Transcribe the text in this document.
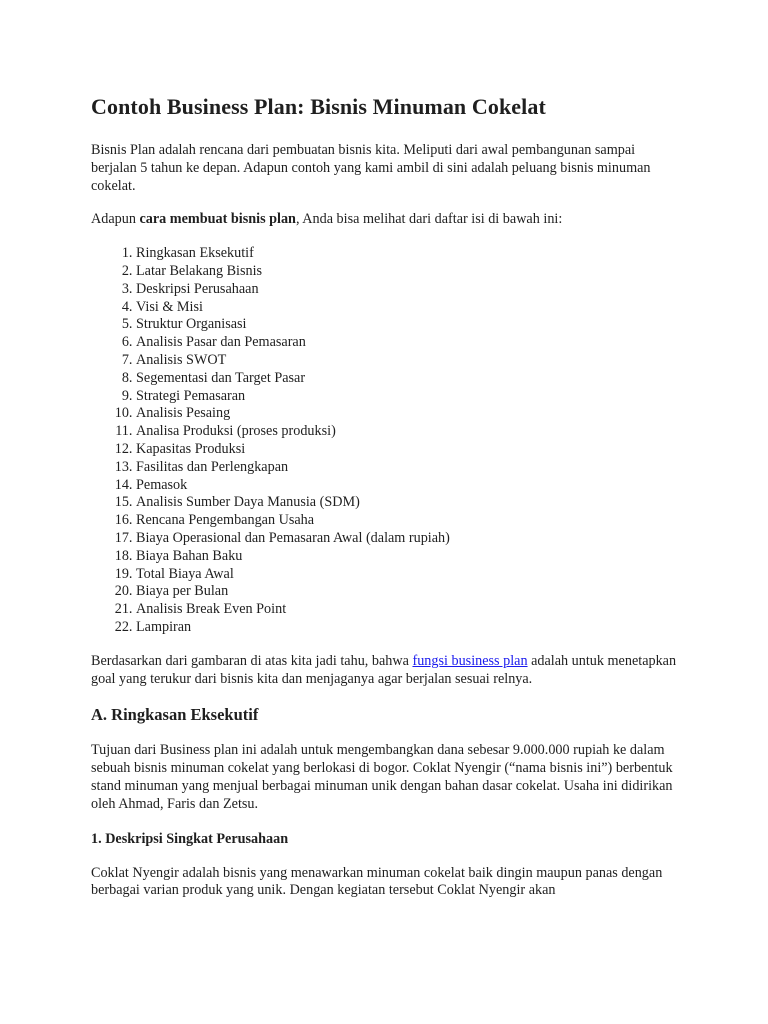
Contoh Business Plan: Bisnis Minuman Cokelat

Bisnis Plan adalah rencana dari pembuatan bisnis kita. Meliputi dari awal pembangunan sampai berjalan 5 tahun ke depan. Adapun contoh yang kami ambil di sini adalah peluang bisnis minuman cokelat.

Adapun cara membuat bisnis plan, Anda bisa melihat dari daftar isi di bawah ini:

1. Ringkasan Eksekutif
2. Latar Belakang Bisnis
3. Deskripsi Perusahaan
4. Visi & Misi
5. Struktur Organisasi
6. Analisis Pasar dan Pemasaran
7. Analisis SWOT
8. Segementasi dan Target Pasar
9. Strategi Pemasaran
10. Analisis Pesaing
11. Analisa Produksi (proses produksi)
12. Kapasitas Produksi
13. Fasilitas dan Perlengkapan
14. Pemasok
15. Analisis Sumber Daya Manusia (SDM)
16. Rencana Pengembangan Usaha
17. Biaya Operasional dan Pemasaran Awal (dalam rupiah)
18. Biaya Bahan Baku
19. Total Biaya Awal
20. Biaya per Bulan
21. Analisis Break Even Point
22. Lampiran

Berdasarkan dari gambaran di atas kita jadi tahu, bahwa fungsi business plan adalah untuk menetapkan goal yang terukur dari bisnis kita dan menjaganya agar berjalan sesuai relnya.

A. Ringkasan Eksekutif

Tujuan dari Business plan ini adalah untuk mengembangkan dana sebesar 9.000.000 rupiah ke dalam sebuah bisnis minuman cokelat yang berlokasi di bogor. Coklat Nyengir (“nama bisnis ini”) berbentuk stand minuman yang menjual berbagai minuman unik dengan bahan dasar cokelat. Usaha ini didirikan oleh Ahmad, Faris dan Zetsu.

1. Deskripsi Singkat Perusahaan

Coklat Nyengir adalah bisnis yang menawarkan minuman cokelat baik dingin maupun panas dengan berbagai varian produk yang unik. Dengan kegiatan tersebut Coklat Nyengir akan
